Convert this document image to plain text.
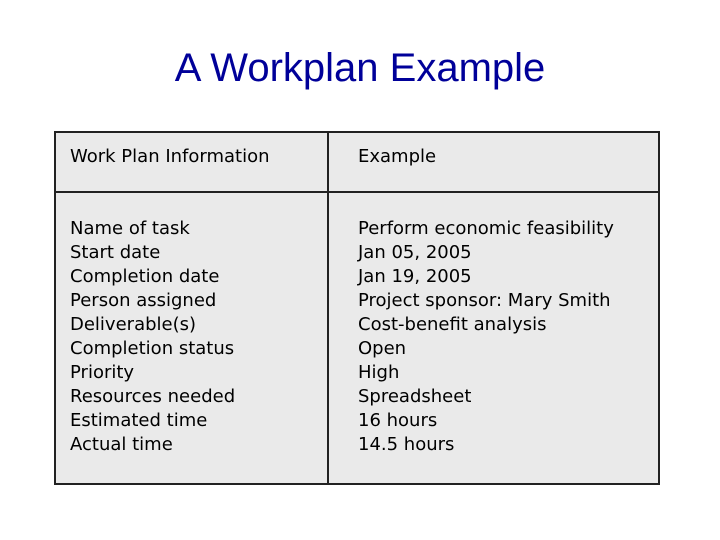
A Workplan Example
Work Plan Information	Example
Name of task
Start date
Completion date
Person assigned
Deliverable(s)
Completion status
Priority
Resources needed
Estimated time
Actual time
Perform economic feasibility
Jan 05, 2005
Jan 19, 2005
Project sponsor: Mary Smith
Cost-benefit analysis
Open
High
Spreadsheet
16 hours
14.5 hours
